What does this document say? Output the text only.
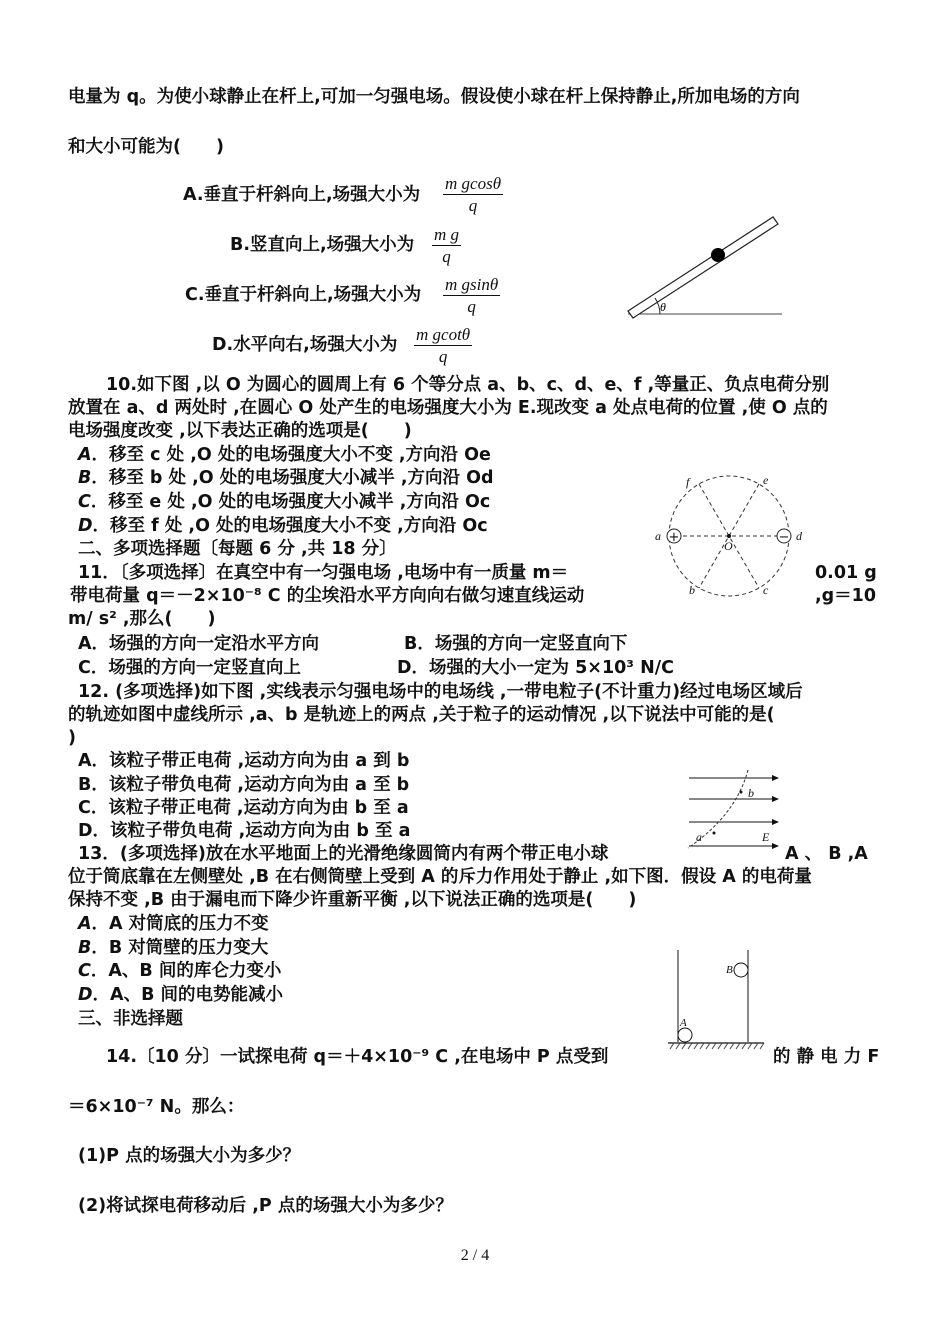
电量为 q。为使小球静止在杆上,可加一匀强电场。假设使小球在杆上保持静止,所加电场的方向
和大小可能为(　　)
A.垂直于杆斜向上,场强大小为 $\frac{\text{m gcosθ}}{q}$
B.竖直向上,场强大小为 $\frac{\text{m g}}{q}$
C.垂直于杆斜向上,场强大小为 $\frac{\text{m gsinθ}}{q}$
D.水平向右,场强大小为 $\frac{\text{m gcotθ}}{q}$
θ
10.如下图 ,以 O 为圆心的圆周上有 6 个等分点 a、b、c、d、e、f ,等量正、负点电荷分别
放置在 a、d 两处时 ,在圆心 O 处产生的电场强度大小为 E.现改变 a 处点电荷的位置 ,使 O 点的
电场强度改变 ,以下表达正确的选项是(　　)
A．移至 c 处 ,O 处的电场强度大小不变 ,方向沿 Oe
B．移至 b 处 ,O 处的电场强度大小减半 ,方向沿 Od
C．移至 e 处 ,O 处的电场强度大小减半 ,方向沿 Oc
D．移至 f 处 ,O 处的电场强度大小不变 ,方向沿 Oc
+	−
a	d
f	e
b	c
O
二、多项选择题〔每题 6 分 ,共 18 分〕
11．〔多项选择〕在真空中有一匀强电场 ,电场中有一质量 m＝	0.01 g
带电荷量 q＝－2×10⁻⁸ C 的尘埃沿水平方向向右做匀速直线运动	,g＝10
m/ s² ,那么(　　)
A．场强的方向一定沿水平方向	B．场强的方向一定竖直向下
C．场强的方向一定竖直向上	D．场强的大小一定为 5×10³ N/C
12. (多项选择)如下图 ,实线表示匀强电场中的电场线 ,一带电粒子(不计重力)经过电场区域后
的轨迹如图中虚线所示 ,a、b 是轨迹上的两点 ,关于粒子的运动情况 ,以下说法中可能的是(
)
A．该粒子带正电荷 ,运动方向为由 a 到 b
B．该粒子带负电荷 ,运动方向为由 a 至 b
C．该粒子带正电荷 ,运动方向为由 b 至 a
D．该粒子带负电荷 ,运动方向为由 b 至 a
b
a	E
13．(多项选择)放在水平地面上的光滑绝缘圆筒内有两个带正电小球	A 、 B ,A
位于筒底靠在左侧壁处 ,B 在右侧筒壁上受到 A 的斥力作用处于静止 ,如下图．假设 A 的电荷量
保持不变 ,B 由于漏电而下降少许重新平衡 ,以下说法正确的选项是(　　)
A．A 对筒底的压力不变
B．B 对筒壁的压力变大
C．A、B 间的库仑力变小
D．A、B 间的电势能减小
三、非选择题	A
B
14.〔10 分〕一试探电荷 q＝＋4×10⁻⁹ C ,在电场中 P 点受到	的 静 电 力 F
＝6×10⁻⁷ N。那么：
(1)P 点的场强大小为多少？
(2)将试探电荷移动后 ,P 点的场强大小为多少？
2 / 4
